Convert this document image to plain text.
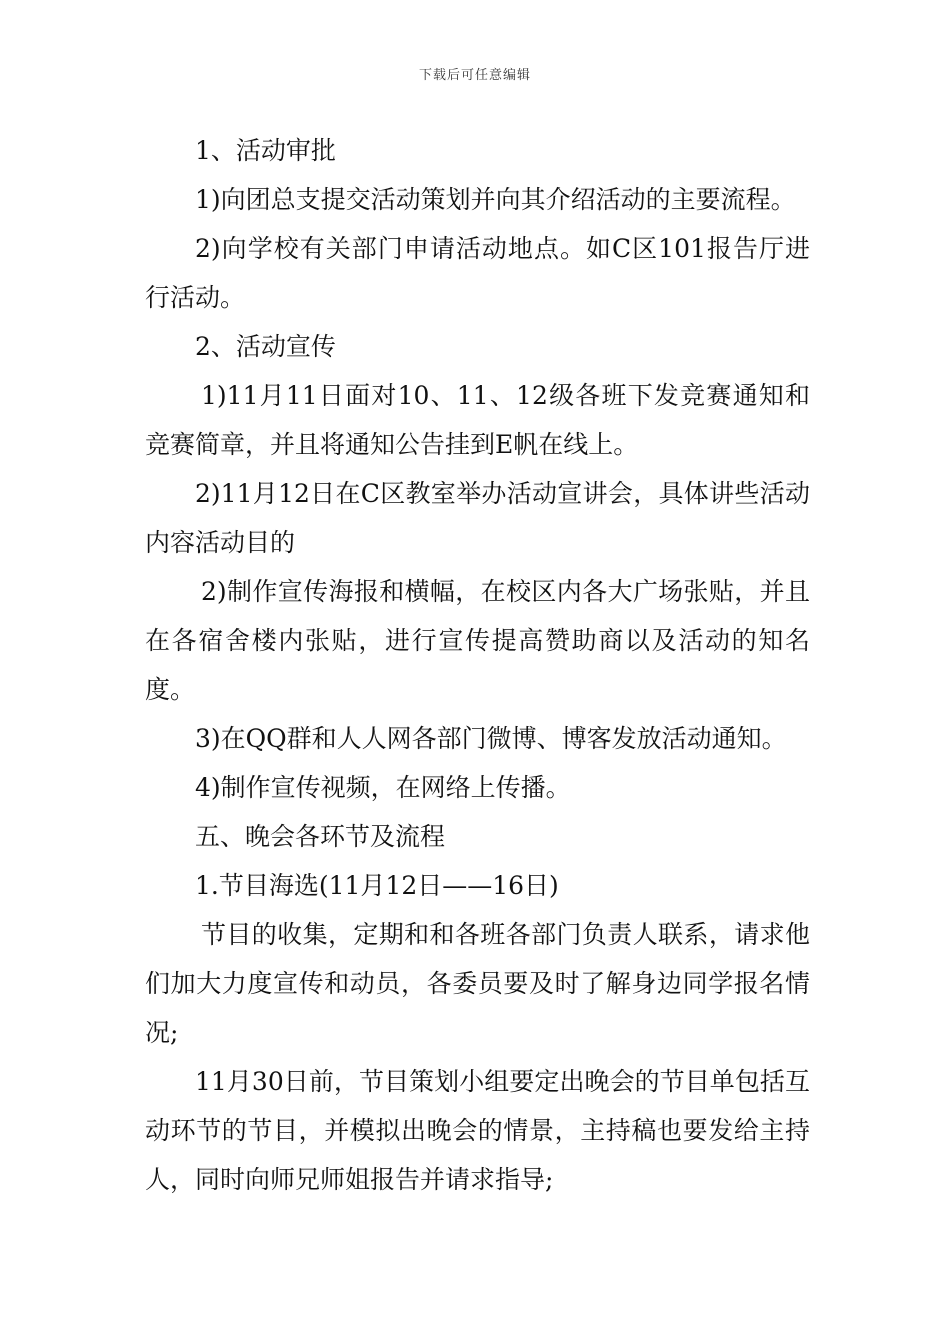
下载后可任意编辑

1、活动审批

1)向团总支提交活动策划并向其介绍活动的主要流程。

2)向学校有关部门申请活动地点。如C区101报告厅进行活动。

2、活动宣传

1)11月11日面对10、11、12级各班下发竞赛通知和竞赛简章，并且将通知公告挂到E帆在线上。

2)11月12日在C区教室举办活动宣讲会，具体讲些活动内容活动目的

2)制作宣传海报和横幅，在校区内各大广场张贴，并且在各宿舍楼内张贴，进行宣传提高赞助商以及活动的知名度。

3)在QQ群和人人网各部门微博、博客发放活动通知。

4)制作宣传视频，在网络上传播。

五、晚会各环节及流程

1.节目海选(11月12日——16日)

节目的收集，定期和和各班各部门负责人联系，请求他们加大力度宣传和动员，各委员要及时了解身边同学报名情况;

11月30日前，节目策划小组要定出晚会的节目单包括互动环节的节目，并模拟出晚会的情景，主持稿也要发给主持人，同时向师兄师姐报告并请求指导;
